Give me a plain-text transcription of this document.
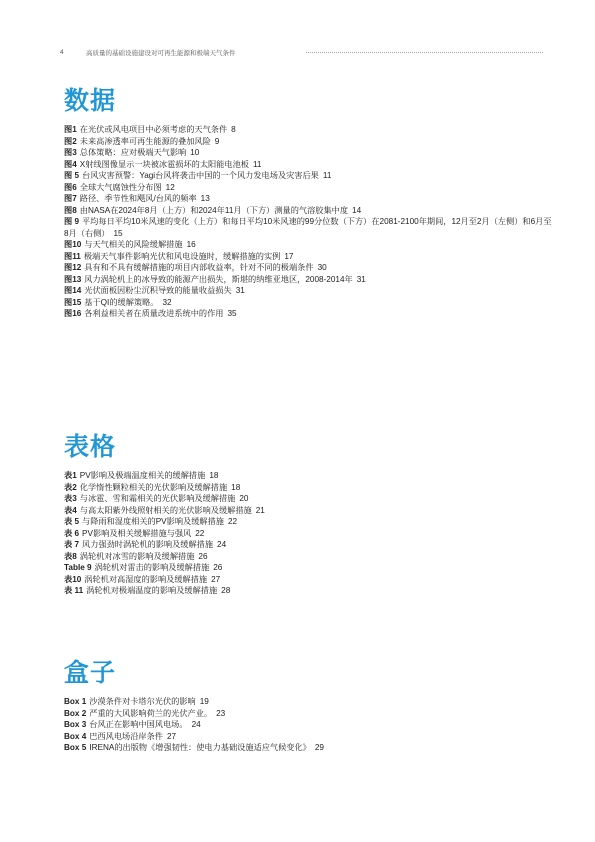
4	高质量的基础设施建设对可再生能源和极端天气条件
数据
图1 在光伏或风电项目中必须考虑的天气条件 8
图2 未来高渗透率可再生能源的叠加风险 9
图3 总体策略：应对极端天气影响 10
图4 X射线图像显示一块被冰雹损坏的太阳能电池板 11
图 5 台风灾害预警：Yagi台风将袭击中国的一个风力发电场及灾害后果 11
图6 全球大气腐蚀性分布图 12
图7 路径、季节性和飓风/台风的频率 13
图8 由NASA在2024年8月（上方）和2024年11月（下方）测量的气溶胶集中度 14
图 9 平均每日平均10米风速的变化（上方）和每日平均10米风速的99分位数（下方）在2081-2100年期间，12月至2月（左侧）和6月至8月（右侧） 15
图10 与天气相关的风险缓解措施 16
图11 极端天气事件影响光伏和风电设施时，缓解措施的实例 17
图12 具有和不具有缓解措施的项目内部收益率，针对不同的极端条件 30
图13 风力涡轮机上的冰导致的能源产出损失，斯堪的纳维亚地区，2008-2014年 31
图14 光伏面板因粉尘沉积导致的能量收益损失 31
图15 基于QI的缓解策略。 32
图16 各利益相关者在质量改进系统中的作用 35
表格
表1 PV影响及极端温度相关的缓解措施 18
表2 化学惰性颗粒相关的光伏影响及缓解措施 18
表3 与冰雹、雪和霜相关的光伏影响及缓解措施 20
表4 与高太阳紫外线照射相关的光伏影响及缓解措施 21
表 5 与降雨和湿度相关的PV影响及缓解措施 22
表 6 PV影响及相关缓解措施与强风 22
表 7 风力强劲时涡轮机的影响及缓解措施 24
表8 涡轮机对冰雪的影响及缓解措施 26
Table 9 涡轮机对雷击的影响及缓解措施 26
表10 涡轮机对高湿度的影响及缓解措施 27
表 11 涡轮机对极端温度的影响及缓解措施 28
盒子
Box 1 沙漠条件对卡塔尔光伏的影响 19
Box 2 严重的大风影响荷兰的光伏产业。 23
Box 3 台风正在影响中国风电场。 24
Box 4 巴西风电场沿岸条件 27
Box 5 IRENA的出版物《增强韧性：使电力基础设施适应气候变化》 29
